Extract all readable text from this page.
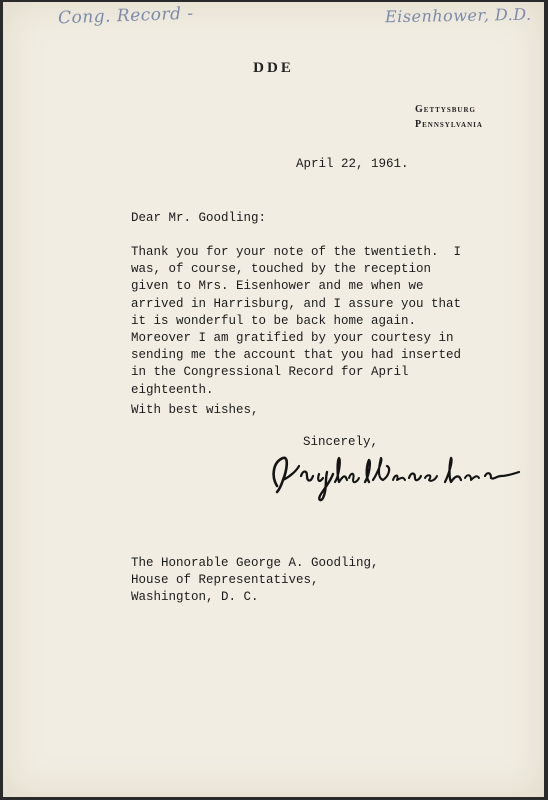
Cong. Record -	Eisenhower, D.D.
DDE
Gettysburg
Pennsylvania
April 22, 1961.
Dear Mr. Goodling:
Thank you for your note of the twentieth.  I
was, of course, touched by the reception
given to Mrs. Eisenhower and me when we
arrived in Harrisburg, and I assure you that
it is wonderful to be back home again.
Moreover I am gratified by your courtesy in
sending me the account that you had inserted
in the Congressional Record for April
eighteenth.
With best wishes,
Sincerely,
The Honorable George A. Goodling,
House of Representatives,
Washington, D. C.
